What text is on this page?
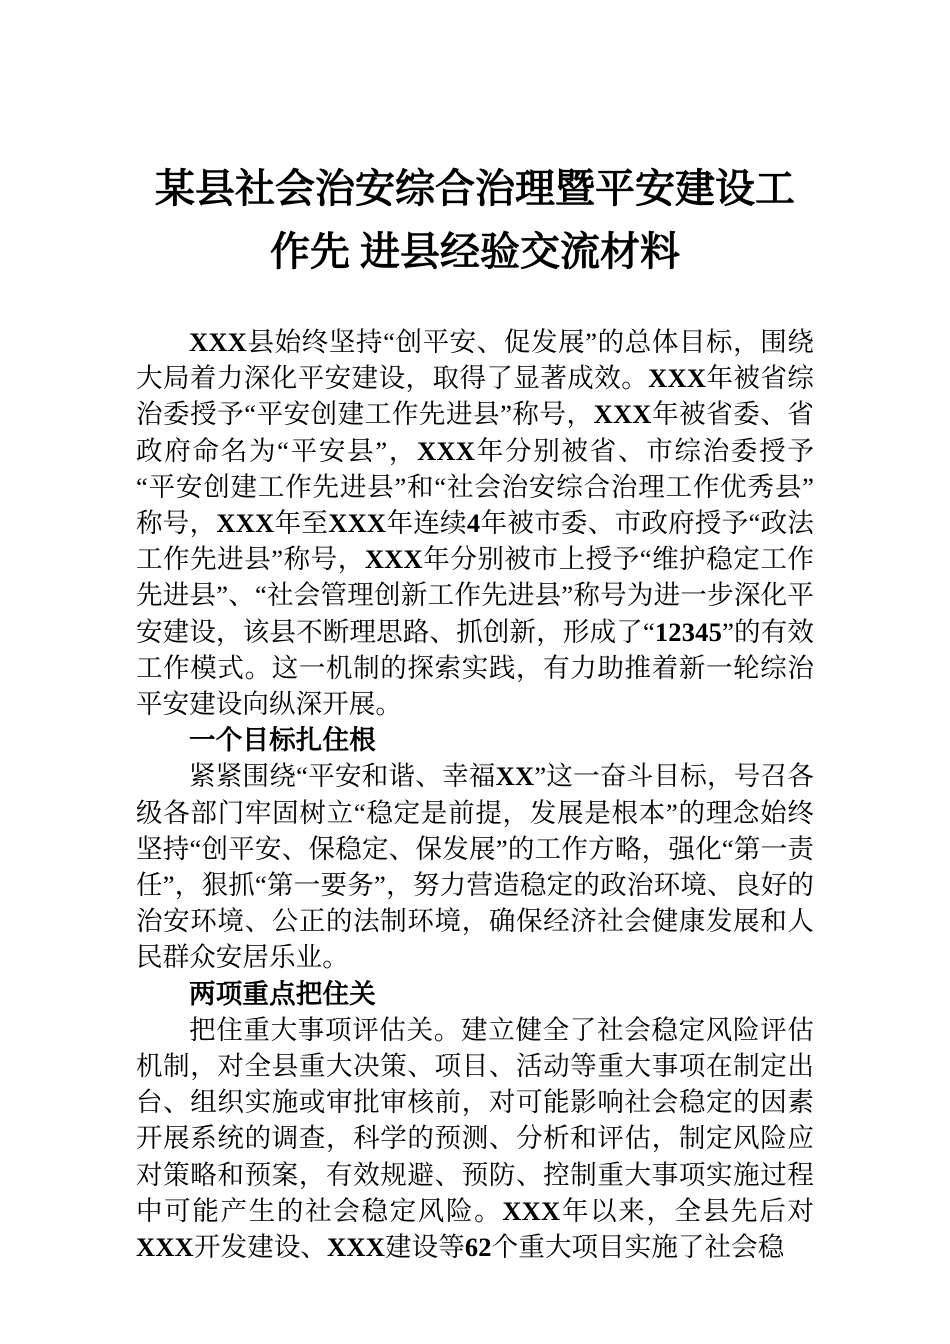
某县社会治安综合治理暨平安建设工作先 进县经验交流材料

XXX县始终坚持“创平安、促发展”的总体目标，围绕大局着力深化平安建设，取得了显著成效。XXX年被省综治委授予“平安创建工作先进县”称号，XXX年被省委、省政府命名为“平安县”，XXX年分别被省、市综治委授予“平安创建工作先进县”和“社会治安综合治理工作优秀县”称号，XXX年至XXX年连续4年被市委、市政府授予“政法工作先进县”称号，XXX年分别被市上授予“维护稳定工作先进县”、“社会管理创新工作先进县”称号为进一步深化平安建设，该县不断理思路、抓创新，形成了“12345”的有效工作模式。这一机制的探索实践，有力助推着新一轮综治平安建设向纵深开展。

一个目标扎住根

紧紧围绕“平安和谐、幸福XX”这一奋斗目标，号召各级各部门牢固树立“稳定是前提，发展是根本”的理念始终坚持“创平安、保稳定、保发展”的工作方略，强化“第一责任”，狠抓“第一要务”，努力营造稳定的政治环境、良好的治安环境、公正的法制环境，确保经济社会健康发展和人民群众安居乐业。

两项重点把住关

把住重大事项评估关。建立健全了社会稳定风险评估机制，对全县重大决策、项目、活动等重大事项在制定出台、组织实施或审批审核前，对可能影响社会稳定的因素开展系统的调查，科学的预测、分析和评估，制定风险应对策略和预案，有效规避、预防、控制重大事项实施过程中可能产生的社会稳定风险。XXX年以来，全县先后对XXX开发建设、XXX建设等62个重大项目实施了社会稳
